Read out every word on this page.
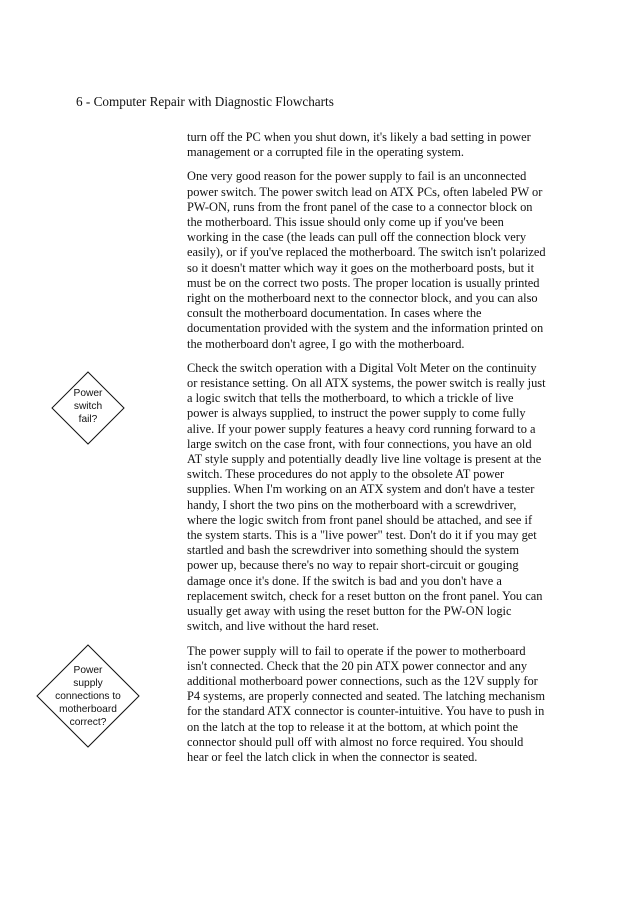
6 - Computer Repair with Diagnostic Flowcharts
Power
switch
fail?
Power
supply
connections to
motherboard
correct?

turn off the PC when you shut down, it's likely a bad setting in power management or a corrupted file in the operating system.

One very good reason for the power supply to fail is an unconnected power switch. The power switch lead on ATX PCs, often labeled PW or PW-ON, runs from the front panel of the case to a connector block on the motherboard. This issue should only come up if you've been working in the case (the leads can pull off the connection block very easily), or if you've replaced the motherboard. The switch isn't polarized so it doesn't matter which way it goes on the motherboard posts, but it must be on the correct two posts. The proper location is usually printed right on the motherboard next to the connector block, and you can also consult the motherboard documentation. In cases where the documentation provided with the system and the information printed on the motherboard don't agree, I go with the motherboard.

Check the switch operation with a Digital Volt Meter on the continuity or resistance setting. On all ATX systems, the power switch is really just a logic switch that tells the motherboard, to which a trickle of live power is always supplied, to instruct the power supply to come fully alive. If your power supply features a heavy cord running forward to a large switch on the case front, with four connections, you have an old AT style supply and potentially deadly live line voltage is present at the switch. These procedures do not apply to the obsolete AT power supplies. When I'm working on an ATX system and don't have a tester handy, I short the two pins on the motherboard with a screwdriver, where the logic switch from front panel should be attached, and see if the system starts. This is a "live power" test. Don't do it if you may get startled and bash the screwdriver into something should the system power up, because there's no way to repair short-circuit or gouging damage once it's done. If the switch is bad and you don't have a replacement switch, check for a reset button on the front panel. You can usually get away with using the reset button for the PW-ON logic switch, and live without the hard reset.

The power supply will to fail to operate if the power to motherboard isn't connected. Check that the 20 pin ATX power connector and any additional motherboard power connections, such as the 12V supply for P4 systems, are properly connected and seated. The latching mechanism for the standard ATX connector is counter-intuitive. You have to push in on the latch at the top to release it at the bottom, at which point the connector should pull off with almost no force required. You should hear or feel the latch click in when the connector is seated.
